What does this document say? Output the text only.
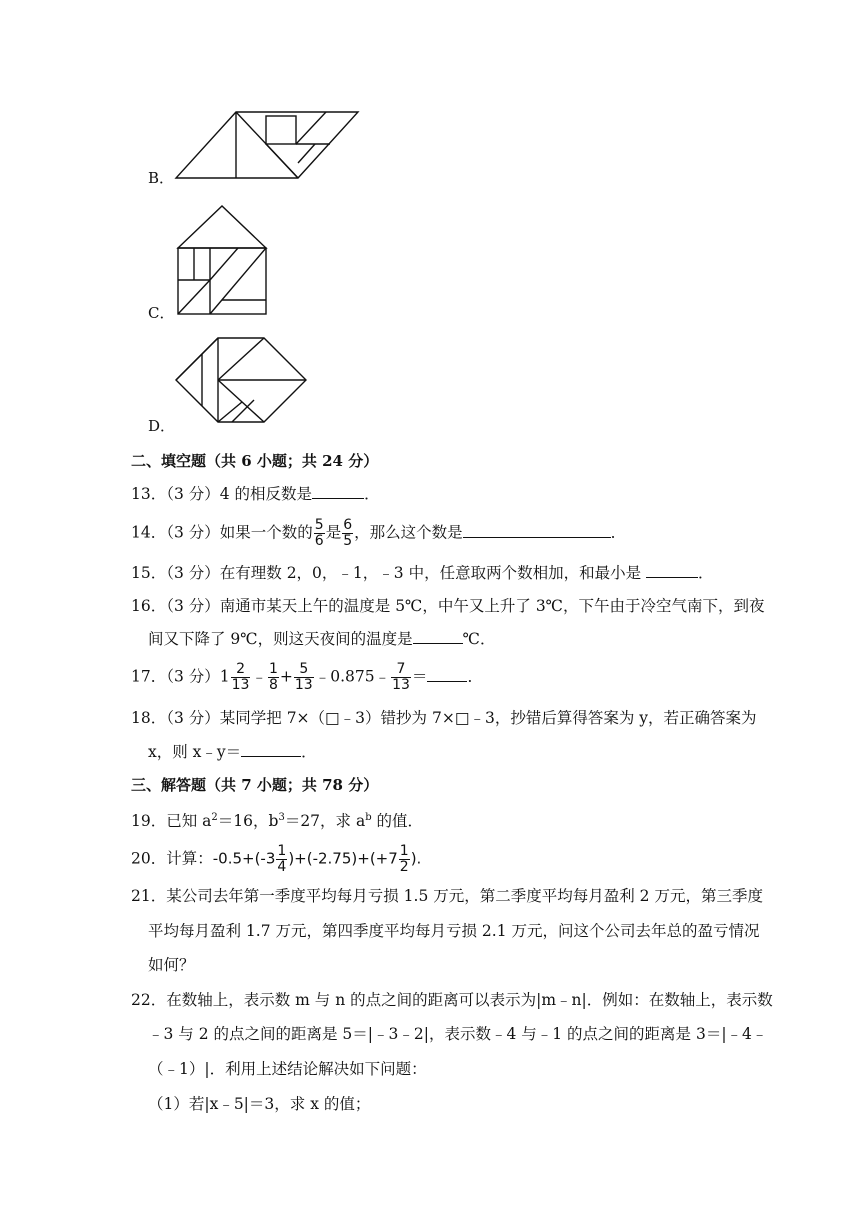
B．
C．
D．
二、填空题（共 6 小题；共 24 分）
13．（3 分）4 的相反数是	．
14．（3 分）如果一个数的 $\frac{5}{6}$ 是 $\frac{6}{5}$ ，那么这个数是	．
15．（3 分）在有理数 2，0，﹣1，﹣3 中，任意取两个数相加，和最小是	．
16．（3 分）南通市某天上午的温度是 5℃，中午又上升了 3℃，下午由于冷空气南下，到夜
间又下降了 9℃，则这天夜间的温度是	℃．
17．（3 分）$1 \frac{2}{13}$ ﹣ $\frac{1}{8} + \frac{5}{13}$ ﹣0.875﹣ $\frac{7}{13}$ ＝	．
18．（3 分）某同学把 7×（□﹣3）错抄为 7×□﹣3，抄错后算得答案为 y，若正确答案为
x，则 x﹣y＝	．
三、解答题（共 7 小题；共 78 分）
19．已知 $a^2=16$，$b^3=27$，求 $a^b$ 的值．
20．计算：$-0.5+(-3 \frac{1}{4} )+(-2.75)+(+7 \frac{1}{2}$ ).
21．某公司去年第一季度平均每月亏损 1.5 万元，第二季度平均每月盈利 2 万元，第三季度
平均每月盈利 1.7 万元，第四季度平均每月亏损 2.1 万元，问这个公司去年总的盈亏情况
如何？
22．在数轴上，表示数 m 与 n 的点之间的距离可以表示为|m﹣n|．例如：在数轴上，表示数
﹣3 与 2 的点之间的距离是 5＝|﹣3﹣2|，表示数﹣4 与﹣1 的点之间的距离是 3＝|﹣4﹣
（﹣1）|．利用上述结论解决如下问题：
（1）若|x﹣5|＝3，求 x 的值；
